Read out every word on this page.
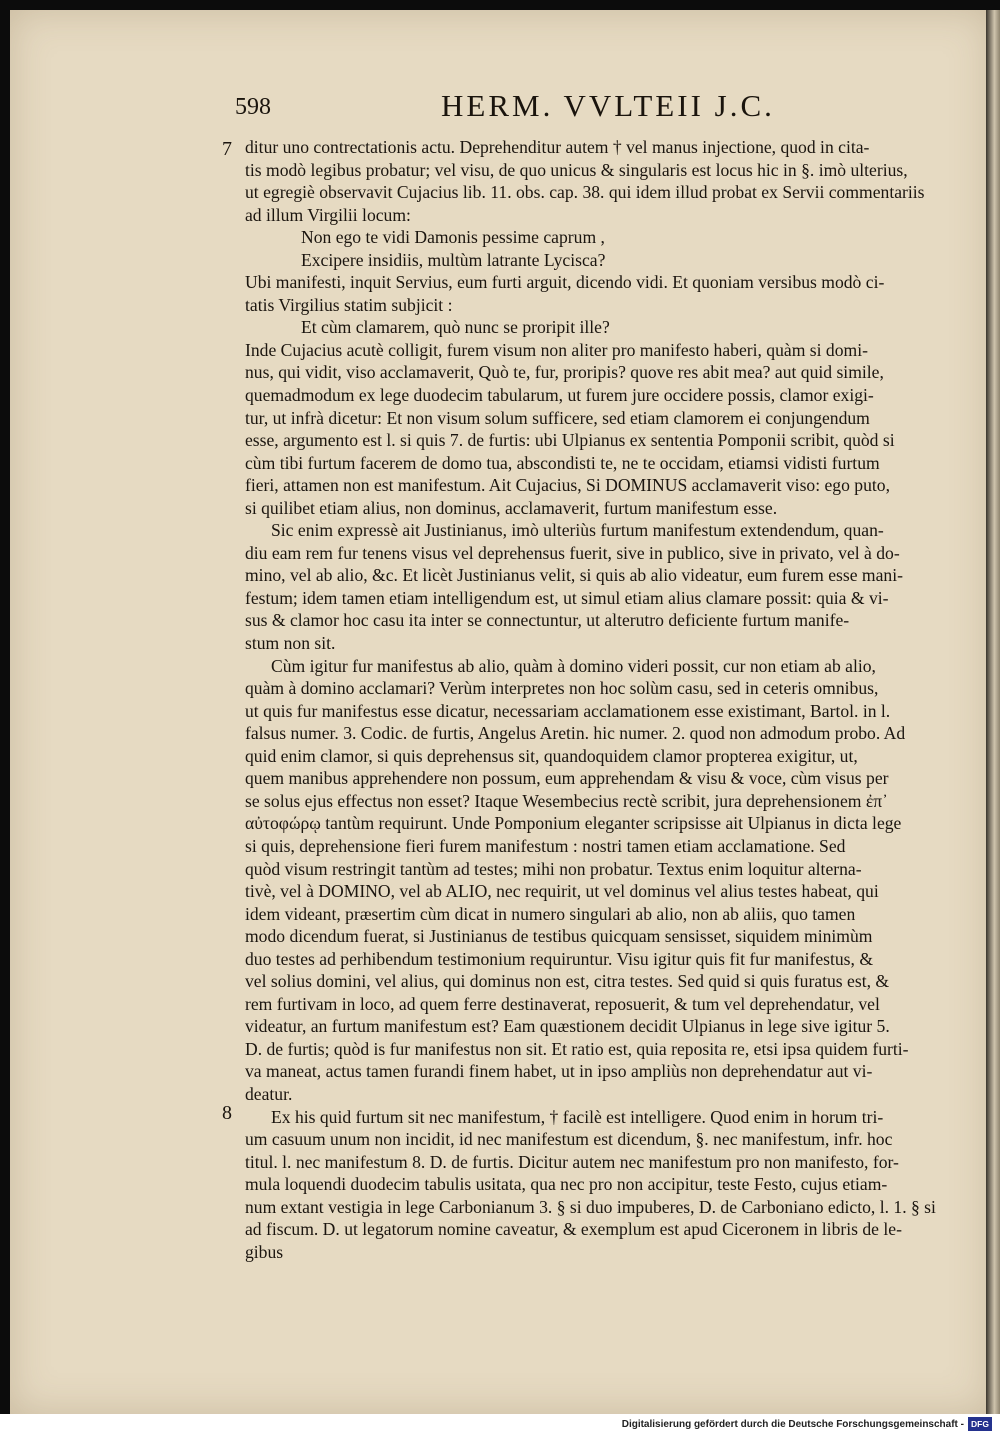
598	HERM. VVLTEII J.C.
7
8
ditur uno contrectationis actu. Deprehenditur autem † vel manus injectione, quod in cita-
tis modò legibus probatur; vel visu, de quo unicus & singularis est locus hic in §. imò ulterius,
ut egregiè observavit Cujacius lib. 11. obs. cap. 38. qui idem illud probat ex Servii commentariis
ad illum Virgilii locum:
Non ego te vidi Damonis pessime caprum ,
Excipere insidiis, multùm latrante Lycisca?
Ubi manifesti, inquit Servius, eum furti arguit, dicendo vidi. Et quoniam versibus modò ci-
tatis Virgilius statim subjicit :
Et cùm clamarem, quò nunc se proripit ille?
Inde Cujacius acutè colligit, furem visum non aliter pro manifesto haberi, quàm si domi-
nus, qui vidit, viso acclamaverit, Quò te, fur, proripis? quove res abit mea? aut quid simile,
quemadmodum ex lege duodecim tabularum, ut furem jure occidere possis, clamor exigi-
tur, ut infrà dicetur: Et non visum solum sufficere, sed etiam clamorem ei conjungendum
esse, argumento est l. si quis 7. de furtis: ubi Ulpianus ex sententia Pomponii scribit, quòd si
cùm tibi furtum facerem de domo tua, abscondisti te, ne te occidam, etiamsi vidisti furtum
fieri, attamen non est manifestum. Ait Cujacius, Si DOMINUS acclamaverit viso: ego puto,
si quilibet etiam alius, non dominus, acclamaverit, furtum manifestum esse.
Sic enim expressè ait Justinianus, imò ulteriùs furtum manifestum extendendum, quan-
diu eam rem fur tenens visus vel deprehensus fuerit, sive in publico, sive in privato, vel à do-
mino, vel ab alio, &c. Et licèt Justinianus velit, si quis ab alio videatur, eum furem esse mani-
festum; idem tamen etiam intelligendum est, ut simul etiam alius clamare possit: quia & vi-
sus & clamor hoc casu ita inter se connectuntur, ut alterutro deficiente furtum manife-
stum non sit.
Cùm igitur fur manifestus ab alio, quàm à domino videri possit, cur non etiam ab alio,
quàm à domino acclamari? Verùm interpretes non hoc solùm casu, sed in ceteris omnibus,
ut quis fur manifestus esse dicatur, necessariam acclamationem esse existimant, Bartol. in l.
falsus numer. 3. Codic. de furtis, Angelus Aretin. hic numer. 2. quod non admodum probo. Ad
quid enim clamor, si quis deprehensus sit, quandoquidem clamor propterea exigitur, ut,
quem manibus apprehendere non possum, eum apprehendam & visu & voce, cùm visus per
se solus ejus effectus non esset? Itaque Wesembecius rectè scribit, jura deprehensionem ἐπ᾽
αὐτοφώρῳ tantùm requirunt. Unde Pomponium eleganter scripsisse ait Ulpianus in dicta lege
si quis, deprehensione fieri furem manifestum : nostri tamen etiam acclamatione. Sed
quòd visum restringit tantùm ad testes; mihi non probatur. Textus enim loquitur alterna-
tivè, vel à DOMINO, vel ab ALIO, nec requirit, ut vel dominus vel alius testes habeat, qui
idem videant, præsertim cùm dicat in numero singulari ab alio, non ab aliis, quo tamen
modo dicendum fuerat, si Justinianus de testibus quicquam sensisset, siquidem minimùm
duo testes ad perhibendum testimonium requiruntur. Visu igitur quis fit fur manifestus, &
vel solius domini, vel alius, qui dominus non est, citra testes. Sed quid si quis furatus est, &
rem furtivam in loco, ad quem ferre destinaverat, reposuerit, & tum vel deprehendatur, vel
videatur, an furtum manifestum est? Eam quæstionem decidit Ulpianus in lege sive igitur 5.
D. de furtis; quòd is fur manifestus non sit. Et ratio est, quia reposita re, etsi ipsa quidem furti-
va maneat, actus tamen furandi finem habet, ut in ipso ampliùs non deprehendatur aut vi-
deatur.
Ex his quid furtum sit nec manifestum, † facilè est intelligere. Quod enim in horum tri-
um casuum unum non incidit, id nec manifestum est dicendum, §. nec manifestum, infr. hoc
titul. l. nec manifestum 8. D. de furtis. Dicitur autem nec manifestum pro non manifesto, for-
mula loquendi duodecim tabulis usitata, qua nec pro non accipitur, teste Festo, cujus etiam-
num extant vestigia in lege Carbonianum 3. § si duo impuberes, D. de Carboniano edicto, l. 1. § si
ad fiscum. D. ut legatorum nomine caveatur, & exemplum est apud Ciceronem in libris de le-
gibus
Digitalisierung gefördert durch die Deutsche Forschungsgemeinschaft - DFG
